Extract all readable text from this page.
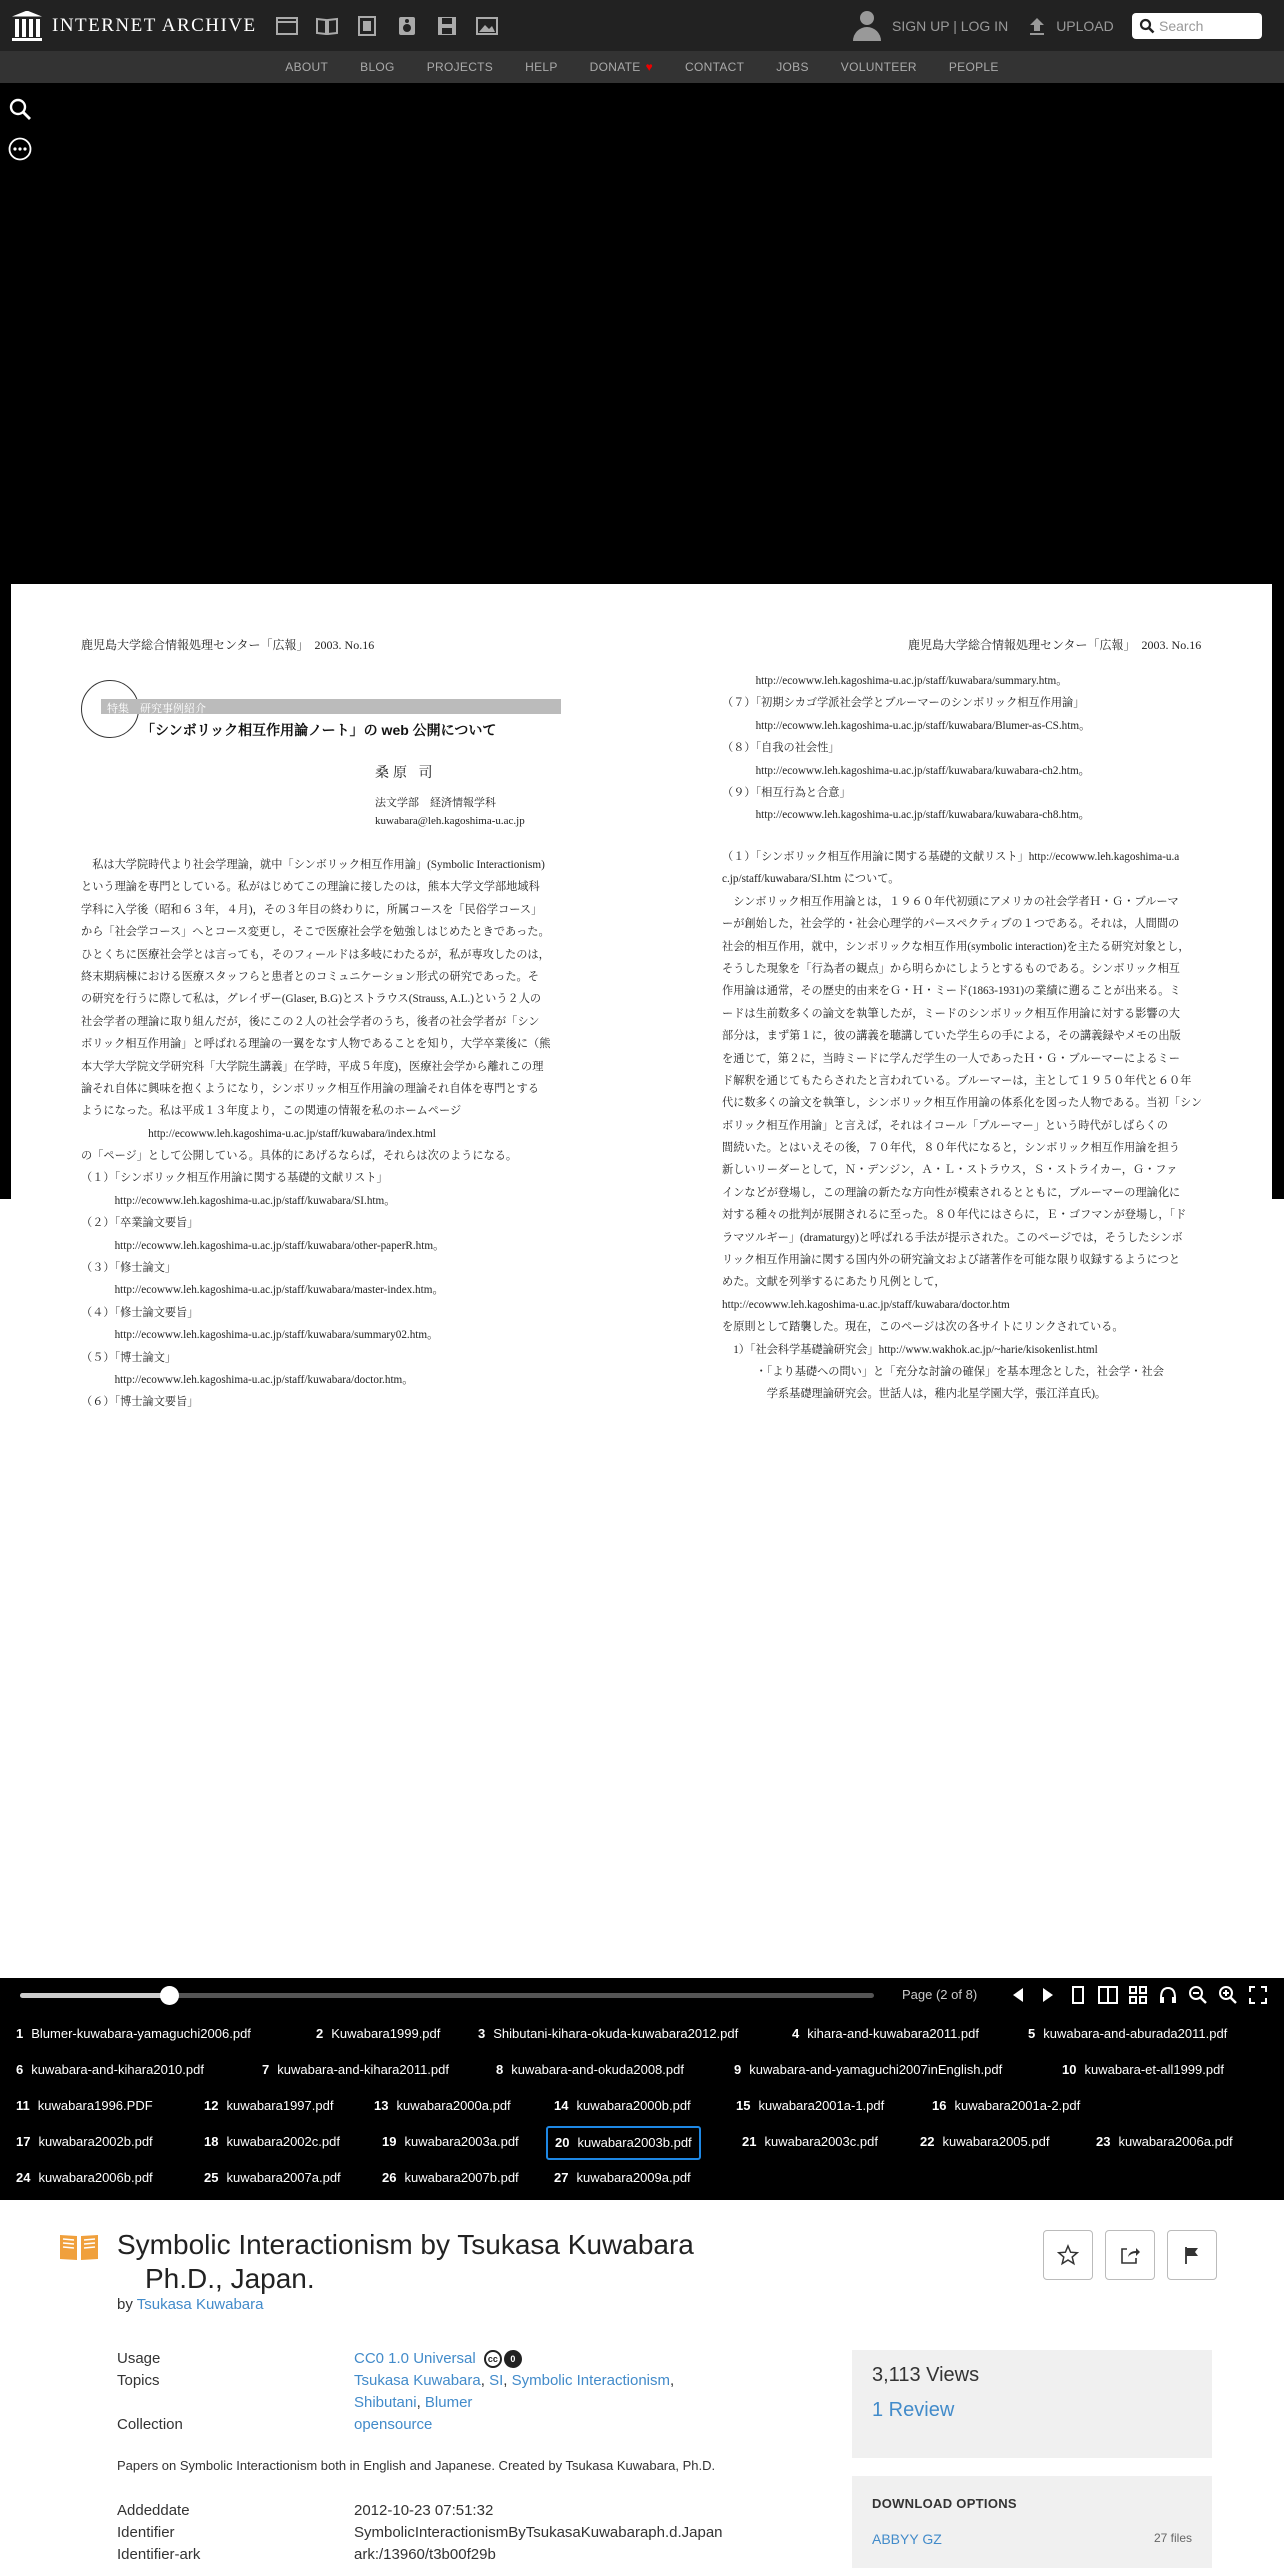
INTERNET ARCHIVE	SIGN UP | LOG IN	UPLOAD
Search
ABOUT	BLOG	PROJECTS	HELP	DONATE ♥	CONTACT	JOBS	VOLUNTEER	PEOPLE
鹿児島大学総合情報処理センター「広報」　2003. No.16
特集　研究事例紹介
「シンボリック相互作用論ノート」の web 公開について
桑原 司
法文学部　経済情報学科
kuwabara@leh.kagoshima-u.ac.jp
　私は大学院時代より社会学理論，就中「シンボリック相互作用論」(Symbolic Interactionism)
という理論を専門としている。私がはじめてこの理論に接したのは，熊本大学文学部地域科
学科に入学後（昭和６３年，４月)，その３年目の終わりに，所属コースを「民俗学コース」
から「社会学コース」へとコース変更し，そこで医療社会学を勉強しはじめたときであった。
ひとくちに医療社会学とは言っても，そのフィールドは多岐にわたるが，私が専攻したのは，
終末期病棟における医療スタッフらと患者とのコミュニケーション形式の研究であった。そ
の研究を行うに際して私は，グレイザー(Glaser, B.G)とストラウス(Strauss, A.L.)という２人の
社会学者の理論に取り組んだが，後にこの２人の社会学者のうち，後者の社会学者が「シン
ボリック相互作用論」と呼ばれる理論の一翼をなす人物であることを知り，大学卒業後に（熊
本大学大学院文学研究科「大学院生講義」在学時，平成５年度)，医療社会学から離れこの理
論それ自体に興味を抱くようになり，シンボリック相互作用論の理論それ自体を専門とする
ようになった。私は平成１３年度より，この関連の情報を私のホームページ
　　　　　　http://ecowww.leh.kagoshima-u.ac.jp/staff/kuwabara/index.html
の「ページ」として公開している。具体的にあげるならば，それらは次のようになる。
（１）「シンボリック相互作用論に関する基礎的文献リスト」
　　　http://ecowww.leh.kagoshima-u.ac.jp/staff/kuwabara/SI.htm。
（２）「卒業論文要旨」
　　　http://ecowww.leh.kagoshima-u.ac.jp/staff/kuwabara/other-paperR.htm。
（３）「修士論文」
　　　http://ecowww.leh.kagoshima-u.ac.jp/staff/kuwabara/master-index.htm。
（４）「修士論文要旨」
　　　http://ecowww.leh.kagoshima-u.ac.jp/staff/kuwabara/summary02.htm。
（５）「博士論文」
　　　http://ecowww.leh.kagoshima-u.ac.jp/staff/kuwabara/doctor.htm。
（６）「博士論文要旨」
鹿児島大学総合情報処理センター「広報」　2003. No.16
　　　http://ecowww.leh.kagoshima-u.ac.jp/staff/kuwabara/summary.htm。
（７）「初期シカゴ学派社会学とブルーマーのシンボリック相互作用論」
　　　http://ecowww.leh.kagoshima-u.ac.jp/staff/kuwabara/Blumer-as-CS.htm。
（８）「自我の社会性」
　　　http://ecowww.leh.kagoshima-u.ac.jp/staff/kuwabara/kuwabara-ch2.htm。
（９）「相互行為と合意」
　　　http://ecowww.leh.kagoshima-u.ac.jp/staff/kuwabara/kuwabara-ch8.htm。
（１）「シンボリック相互作用論に関する基礎的文献リスト」http://ecowww.leh.kagoshima-u.a
c.jp/staff/kuwabara/SI.htm について。
　シンボリック相互作用論とは，１９６０年代初頭にアメリカの社会学者Ｈ・Ｇ・ブルーマ
ーが創始した，社会学的・社会心理学的パースペクティブの１つである。それは，人間間の
社会的相互作用，就中，シンボリックな相互作用(symbolic interaction)を主たる研究対象とし，
そうした現象を「行為者の観点」から明らかにしようとするものである。シンボリック相互
作用論は通常，その歴史的由来をＧ・Ｈ・ミード(1863-1931)の業績に遡ることが出来る。ミ
ードは生前数多くの論文を執筆したが，ミードのシンボリック相互作用論に対する影響の大
部分は，まず第１に，彼の講義を聴講していた学生らの手による，その講義録やメモの出版
を通じて，第２に，当時ミードに学んだ学生の一人であったＨ・Ｇ・ブルーマーによるミー
ド解釈を通じてもたらされたと言われている。ブルーマーは，主として１９５０年代と６０年
代に数多くの論文を執筆し，シンボリック相互作用論の体系化を図った人物である。当初「シン
ボリック相互作用論」と言えば，それはイコール「ブルーマー」という時代がしばらくの
間続いた。とはいえその後，７０年代，８０年代になると，シンボリック相互作用論を担う
新しいリーダーとして，Ｎ・デンジン，Ａ・Ｌ・ストラウス，Ｓ・ストライカー，Ｇ・ファ
インなどが登場し，この理論の新たな方向性が模索されるとともに，ブルーマーの理論化に
対する種々の批判が展開されるに至った。８０年代にはさらに，Ｅ・ゴフマンが登場し，「ド
ラマツルギー」(dramaturgy)と呼ばれる手法が提示された。このページでは，そうしたシンボ
リック相互作用論に関する国内外の研究論文および諸著作を可能な限り収録するようにつと
めた。文献を列挙するにあたり凡例として，
http://ecowww.leh.kagoshima-u.ac.jp/staff/kuwabara/doctor.htm
を原則として踏襲した。現在，このページは次の各サイトにリンクされている。
　1）「社会科学基礎論研究会」http://www.wakhok.ac.jp/~harie/kisokenlist.html
　　　・「より基礎への問い」と「充分な討論の確保」を基本理念とした，社会学・社会
　　　　学系基礎理論研究会。世話人は，稚内北星学園大学，張江洋直氏)。
Page (2 of 8)
1 Blumer-kuwabara-yamaguchi2006.pdf	2 Kuwabara1999.pdf	3 Shibutani-kihara-okuda-kuwabara2012.pdf	4 kihara-and-kuwabara2011.pdf	5 kuwabara-and-aburada2011.pdf
6 kuwabara-and-kihara2010.pdf	7 kuwabara-and-kihara2011.pdf	8 kuwabara-and-okuda2008.pdf	9 kuwabara-and-yamaguchi2007inEnglish.pdf	10 kuwabara-et-all1999.pdf
11 kuwabara1996.PDF	12 kuwabara1997.pdf	13 kuwabara2000a.pdf	14 kuwabara2000b.pdf	15 kuwabara2001a-1.pdf	16 kuwabara2001a-2.pdf
17 kuwabara2002b.pdf	18 kuwabara2002c.pdf	19 kuwabara2003a.pdf	20 kuwabara2003b.pdf	21 kuwabara2003c.pdf	22 kuwabara2005.pdf	23 kuwabara2006a.pdf
24 kuwabara2006b.pdf	25 kuwabara2007a.pdf	26 kuwabara2007b.pdf	27 kuwabara2009a.pdf
Symbolic Interactionism by Tsukasa Kuwabara
Ph.D., Japan.
by Tsukasa Kuwabara
Usage	CC0 1.0 Universal	cc	0
Topics	Tsukasa Kuwabara, SI, Symbolic Interactionism,
Shibutani, Blumer
Collection	opensource
Papers on Symbolic Interactionism both in English and Japanese. Created by Tsukasa Kuwabara, Ph.D.
Addeddate	2012-10-23 07:51:32
Identifier	SymbolicInteractionismByTsukasaKuwabaraph.d.Japan
Identifier-ark	ark:/13960/t3b00f29b
3,113 Views
1 Review
DOWNLOAD OPTIONS
ABBYY GZ	27 files
